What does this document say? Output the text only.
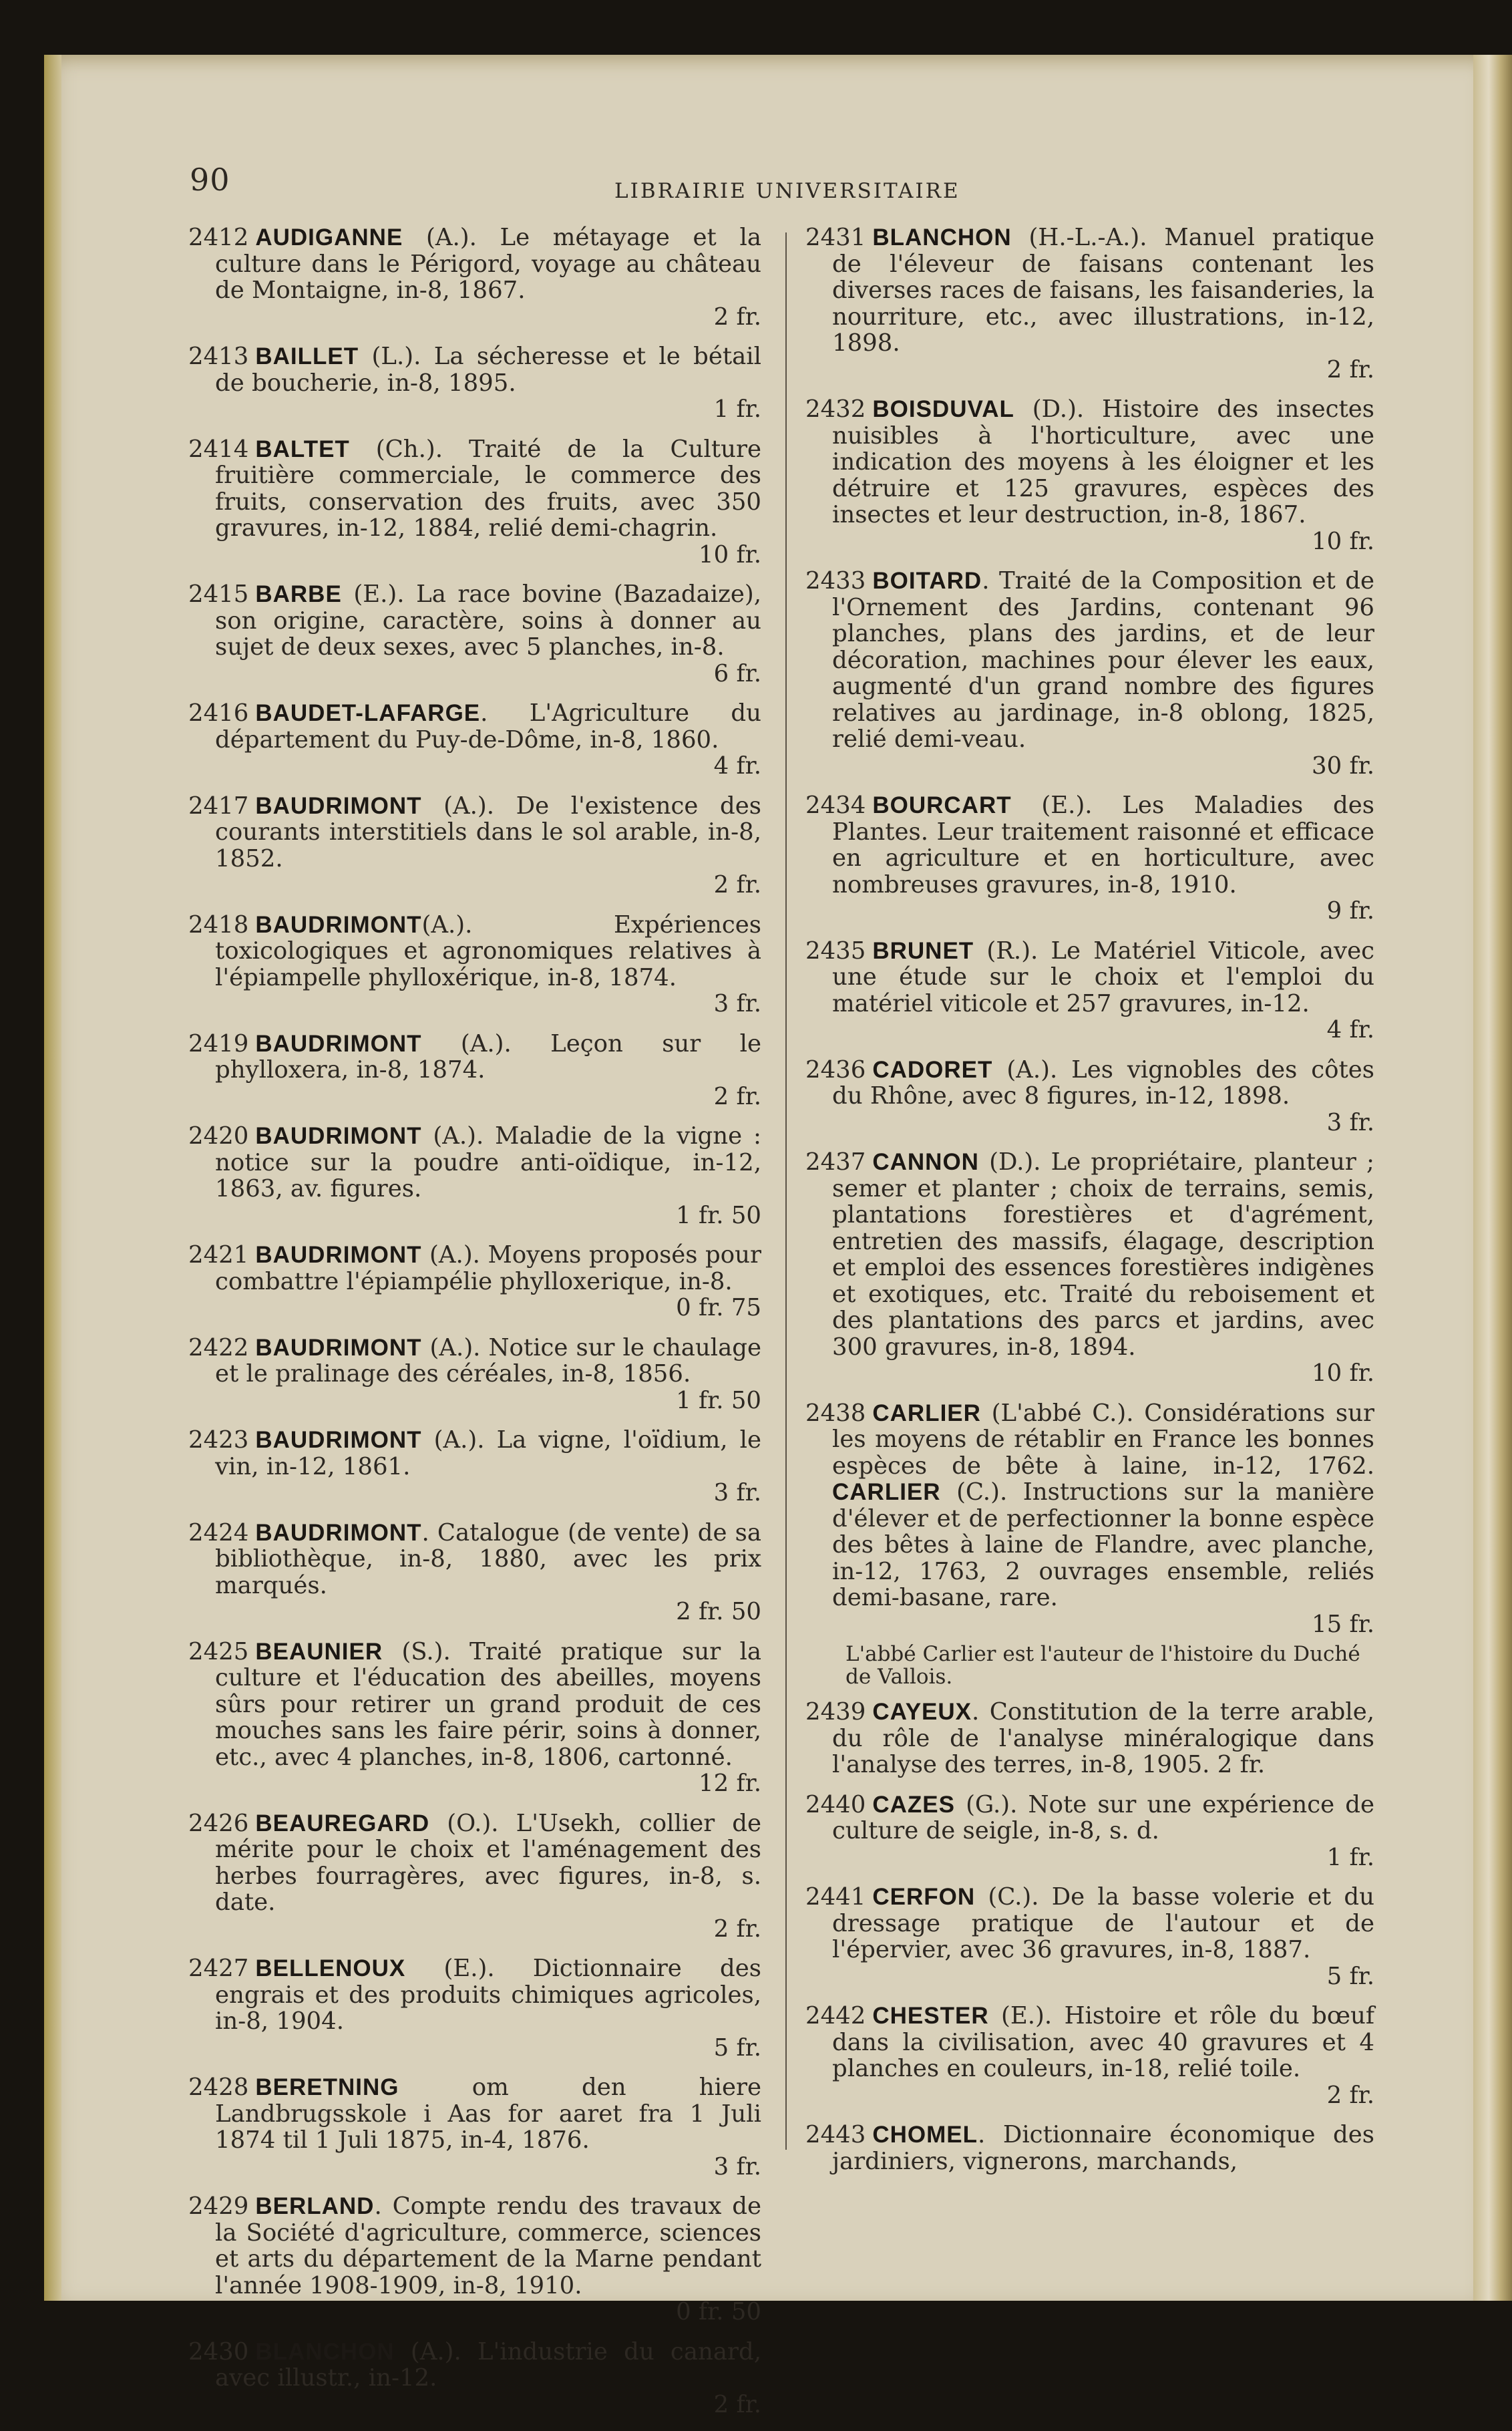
90	LIBRAIRIE UNIVERSITAIRE
2412 AUDIGANNE (A.). Le métayage et la culture dans le Périgord, voyage au château de Montaigne, in-8, 1867.
2 fr.
2413 BAILLET (L.). La sécheresse et le bétail de boucherie, in-8, 1895.
1 fr.
2414 BALTET (Ch.). Traité de la Culture fruitière commerciale, le commerce des fruits, conservation des fruits, avec 350 gravures, in-12, 1884, relié demi-chagrin.
10 fr.
2415 BARBE (E.). La race bovine (Bazadaize), son origine, caractère, soins à donner au sujet de deux sexes, avec 5 planches, in-8.
6 fr.
2416 BAUDET-LAFARGE. L'Agriculture du département du Puy-de-Dôme, in-8, 1860.
4 fr.
2417 BAUDRIMONT (A.). De l'existence des courants interstitiels dans le sol arable, in-8, 1852.
2 fr.
2418 BAUDRIMONT(A.). Expériences toxicologiques et agronomiques relatives à l'épiampelle phylloxérique, in-8, 1874.
3 fr.
2419 BAUDRIMONT (A.). Leçon sur le phylloxera, in-8, 1874.
2 fr.
2420 BAUDRIMONT (A.). Maladie de la vigne : notice sur la poudre anti-oïdique, in-12, 1863, av. figures.
1 fr. 50
2421 BAUDRIMONT (A.). Moyens proposés pour combattre l'épiampélie phylloxerique, in-8.
0 fr. 75
2422 BAUDRIMONT (A.). Notice sur le chaulage et le pralinage des céréales, in-8, 1856.
1 fr. 50
2423 BAUDRIMONT (A.). La vigne, l'oïdium, le vin, in-12, 1861.
3 fr.
2424 BAUDRIMONT. Catalogue (de vente) de sa bibliothèque, in-8, 1880, avec les prix marqués.
2 fr. 50
2425 BEAUNIER (S.). Traité pratique sur la culture et l'éducation des abeilles, moyens sûrs pour retirer un grand produit de ces mouches sans les faire périr, soins à donner, etc., avec 4 planches, in-8, 1806, cartonné.
12 fr.
2426 BEAUREGARD (O.). L'Usekh, collier de mérite pour le choix et l'aménagement des herbes fourragères, avec figures, in-8, s. date.
2 fr.
2427 BELLENOUX (E.). Dictionnaire des engrais et des produits chimiques agricoles, in-8, 1904.
5 fr.
2428 BERETNING	om den hiere Landbrugsskole i Aas for aaret fra 1 Juli 1874 til 1 Juli 1875, in-4, 1876.
3 fr.
2429 BERLAND. Compte rendu des travaux de la Société d'agriculture, commerce, sciences et arts du département de la Marne pendant l'année 1908-1909, in-8, 1910.
0 fr. 50
2430 BLANCHON (A.). L'industrie du canard, avec illustr., in-12.
2 fr.
2431 BLANCHON (H.-L.-A.). Manuel pratique de l'éleveur de faisans contenant les diverses races de faisans, les faisanderies, la nourriture, etc., avec illustrations, in-12, 1898.
2 fr.
2432 BOISDUVAL (D.). Histoire des insectes nuisibles à l'horticulture, avec une indication des moyens à les éloigner et les détruire et 125 gravures, espèces des insectes et leur destruction, in-8, 1867.
10 fr.
2433 BOITARD. Traité de la Composition et de l'Ornement des Jardins, contenant 96 planches, plans des jardins, et de leur décoration, machines pour élever les eaux, augmenté d'un grand nombre des figures relatives au jardinage, in-8 oblong, 1825, relié demi-veau.
30 fr.
2434 BOURCART (E.). Les Maladies des Plantes. Leur traitement raisonné et efficace en agriculture et en horticulture, avec nombreuses gravures, in-8, 1910.
9 fr.
2435 BRUNET (R.). Le Matériel Viticole, avec une étude sur le choix et l'emploi du matériel viticole et 257 gravures, in-12.
4 fr.
2436 CADORET (A.). Les vignobles des côtes du Rhône, avec 8 figures, in-12, 1898.
3 fr.
2437 CANNON (D.). Le propriétaire, planteur ; semer et planter ; choix de terrains, semis, plantations forestières et d'agrément, entretien des massifs, élagage, description et emploi des essences forestières indigènes et exotiques, etc. Traité du reboisement et des plantations des parcs et jardins, avec 300 gravures, in-8, 1894.
10 fr.
2438 CARLIER (L'abbé C.). Considérations sur les moyens de rétablir en France les bonnes espèces de bête à laine, in-12, 1762. CARLIER (C.). Instructions sur la manière d'élever et de perfectionner la bonne espèce des bêtes à laine de Flandre, avec planche, in-12, 1763, 2 ouvrages ensemble, reliés demi-basane, rare.
15 fr.
L'abbé Carlier est l'auteur de l'histoire du Duché de Vallois.
2439 CAYEUX. Constitution de la terre arable, du rôle de l'analyse minéralogique dans l'analyse des terres, in-8, 1905. 2 fr.
2440 CAZES (G.). Note sur une expérience de culture de seigle, in-8, s. d.
1 fr.
2441 CERFON (C.). De la basse volerie et du dressage pratique de l'autour et de l'épervier, avec 36 gravures, in-8, 1887.
5 fr.
2442 CHESTER (E.). Histoire et rôle du bœuf dans la civilisation, avec 40 gravures et 4 planches en couleurs, in-18, relié toile.
2 fr.
2443 CHOMEL. Dictionnaire économique des jardiniers, vignerons, marchands,
